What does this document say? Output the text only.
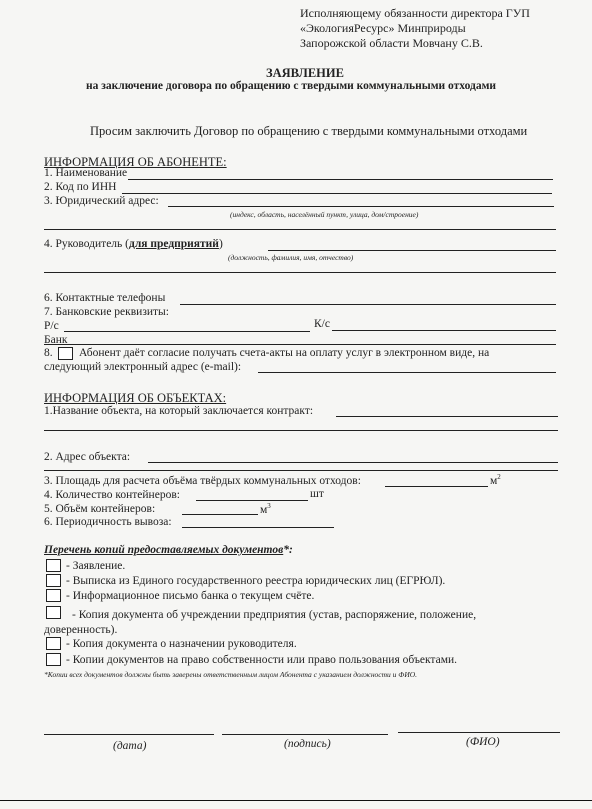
Исполняющему обязанности директора ГУП
«ЭкологияРесурс» Минприроды
Запорожской области Мовчану С.В.
ЗАЯВЛЕНИЕ
на заключение договора по обращению с твердыми коммунальными отходами
Просим заключить Договор по обращению с твердыми коммунальными отходами
ИНФОРМАЦИЯ ОБ АБОНЕНТЕ:
1. Наименование
2. Код по ИНН
3. Юридический адрес:
(индекс, область, населённый пункт, улица, дом/строение)
4. Руководитель (для предприятий)
(должность, фамилия, имя, отчество)
6. Контактные телефоны
7. Банковские реквизиты:
Р/с	К/с
Банк
8. Абонент даёт согласие получать счета-акты на оплату услуг в электронном виде, на
следующий электронный адрес (e-mail):
ИНФОРМАЦИЯ ОБ ОБЪЕКТАХ:
1.Название объекта, на который заключается контракт:
2. Адрес объекта:
3. Площадь для расчета объёма твёрдых коммунальных отходов:	$м^2$
4. Количество контейнеров:	шт
5. Объём контейнеров:	$м^3$
6. Периодичность вывоза:
Перечень копий предоставляемых документов*:
- Заявление.
- Выписка из Единого государственного реестра юридических лиц (ЕГРЮЛ).
- Информационное письмо банка о текущем счёте.
- Копия документа об учреждении предприятия (устав, распоряжение, положение,
доверенность).
- Копия документа о назначении руководителя.
- Копии документов на право собственности или право пользования объектами.
*Копии всех документов должны быть заверены ответственным лицом Абонента с указанием должности и ФИО.
(дата)	(подпись)	(ФИО)
